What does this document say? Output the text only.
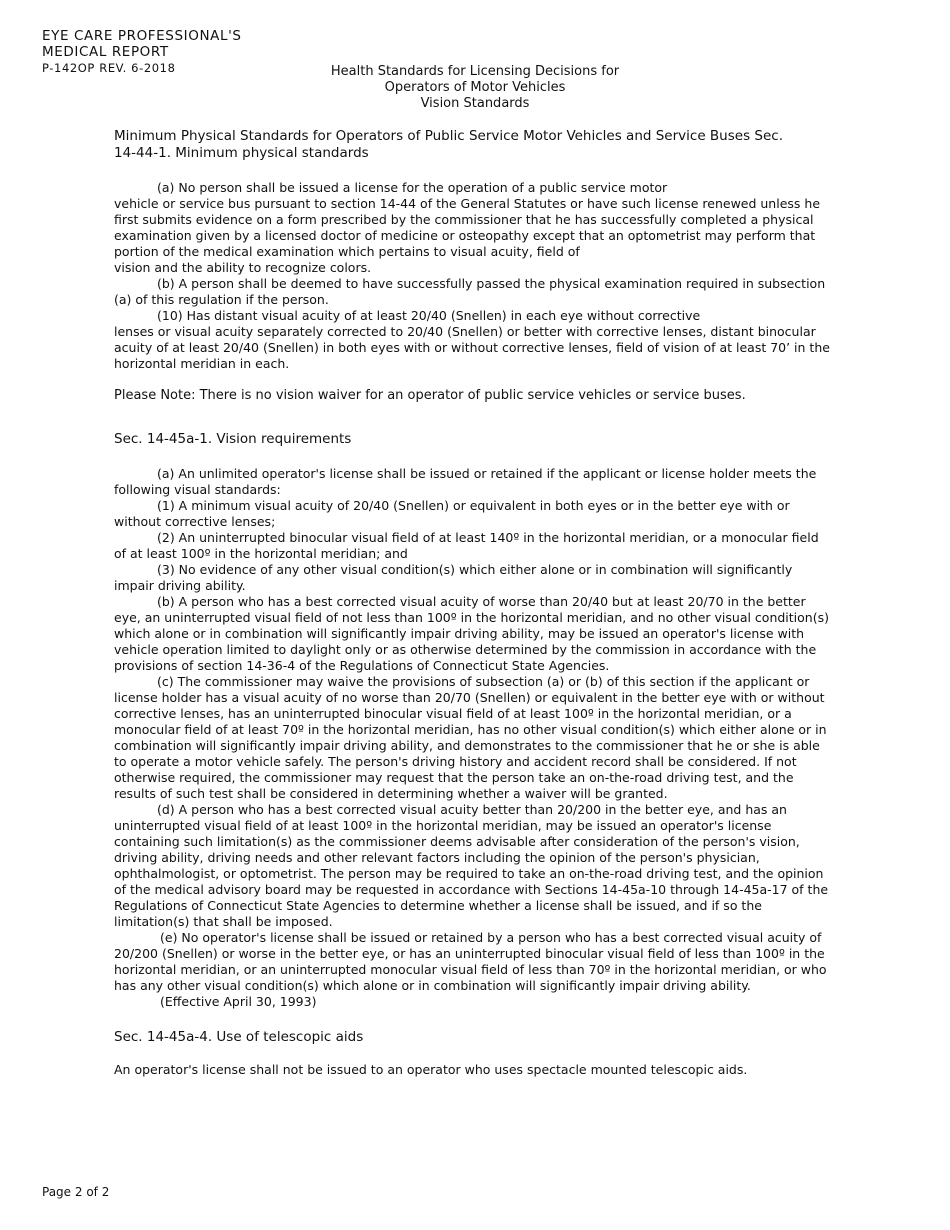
EYE CARE PROFESSIONAL'S
MEDICAL REPORT
P-142OP REV. 6-2018	Health Standards for Licensing Decisions for
Operators of Motor Vehicles
Vision Standards
Minimum Physical Standards for Operators of Public Service Motor Vehicles and Service Buses Sec. 14-44-1. Minimum physical standards
(a) No person shall be issued a license for the operation of a public service motor
vehicle or service bus pursuant to section 14-44 of the General Statutes or have such license renewed unless he first submits evidence on a form prescribed by the commissioner that he has successfully completed a physical examination given by a licensed doctor of medicine or osteopathy except that an optometrist may perform that portion of the medical examination which pertains to visual acuity, field of
vision and the ability to recognize colors.
(b) A person shall be deemed to have successfully passed the physical examination required in subsection (a) of this regulation if the person.
(10) Has distant visual acuity of at least 20/40 (Snellen) in each eye without corrective
lenses or visual acuity separately corrected to 20/40 (Snellen) or better with corrective lenses, distant binocular acuity of at least 20/40 (Snellen) in both eyes with or without corrective lenses, field of vision of at least 70’ in the horizontal meridian in each.
Please Note: There is no vision waiver for an operator of public service vehicles or service buses.
Sec. 14-45a-1. Vision requirements
(a) An unlimited operator's license shall be issued or retained if the applicant or license holder meets the following visual standards:
(1) A minimum visual acuity of 20/40 (Snellen) or equivalent in both eyes or in the better eye with or without corrective lenses;
(2) An uninterrupted binocular visual field of at least 140º in the horizontal meridian, or a monocular field of at least 100º in the horizontal meridian; and
(3) No evidence of any other visual condition(s) which either alone or in combination will significantly impair driving ability.
(b) A person who has a best corrected visual acuity of worse than 20/40 but at least 20/70 in the better eye, an uninterrupted visual field of not less than 100º in the horizontal meridian, and no other visual condition(s) which alone or in combination will significantly impair driving ability, may be issued an operator's license with vehicle operation limited to daylight only or as otherwise determined by the commission in accordance with the provisions of section 14-36-4 of the Regulations of Connecticut State Agencies.
(c) The commissioner may waive the provisions of subsection (a) or (b) of this section if the applicant or license holder has a visual acuity of no worse than 20/70 (Snellen) or equivalent in the better eye with or without corrective lenses, has an uninterrupted binocular visual field of at least 100º in the horizontal meridian, or a monocular field of at least 70º in the horizontal meridian, has no other visual condition(s) which either alone or in combination will significantly impair driving ability, and demonstrates to the commissioner that he or she is able to operate a motor vehicle safely. The person's driving history and accident record shall be considered. If not otherwise required, the commissioner may request that the person take an on-the-road driving test, and the results of such test shall be considered in determining whether a waiver will be granted.
(d) A person who has a best corrected visual acuity better than 20/200 in the better eye, and has an uninterrupted visual field of at least 100º in the horizontal meridian, may be issued an operator's license containing such limitation(s) as the commissioner deems advisable after consideration of the person's vision, driving ability, driving needs and other relevant factors including the opinion of the person's physician, ophthalmologist, or optometrist. The person may be required to take an on-the-road driving test, and the opinion of the medical advisory board may be requested in accordance with Sections 14-45a-10 through 14-45a-17 of the Regulations of Connecticut State Agencies to determine whether a license shall be issued, and if so the limitation(s) that shall be imposed.
(e) No operator's license shall be issued or retained by a person who has a best corrected visual acuity of 20/200 (Snellen) or worse in the better eye, or has an uninterrupted binocular visual field of less than 100º in the horizontal meridian, or an uninterrupted monocular visual field of less than 70º in the horizontal meridian, or who has any other visual condition(s) which alone or in combination will significantly impair driving ability.
(Effective April 30, 1993)
Sec. 14-45a-4. Use of telescopic aids
An operator's license shall not be issued to an operator who uses spectacle mounted telescopic aids.
Page 2 of 2
